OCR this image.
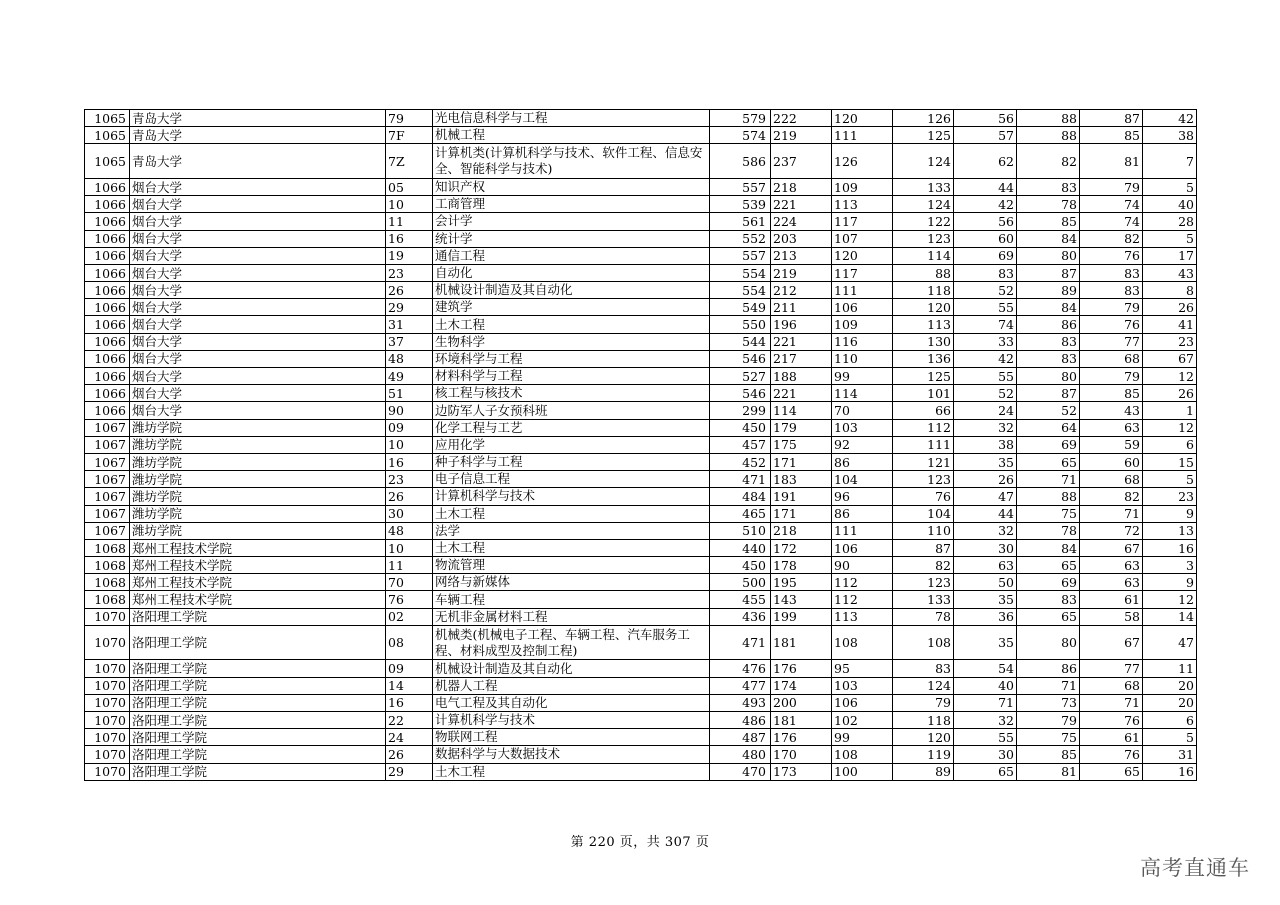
1065	青岛大学	79	光电信息科学与工程	579	222	120	126	56	88	87	42
1065	青岛大学	7F	机械工程	574	219	111	125	57	88	85	38
1065	青岛大学	7Z	计算机类(计算机科学与技术、软件工程、信息安全、智能科学与技术)	586	237	126	124	62	82	81	7
1066	烟台大学	05	知识产权	557	218	109	133	44	83	79	5
1066	烟台大学	10	工商管理	539	221	113	124	42	78	74	40
1066	烟台大学	11	会计学	561	224	117	122	56	85	74	28
1066	烟台大学	16	统计学	552	203	107	123	60	84	82	5
1066	烟台大学	19	通信工程	557	213	120	114	69	80	76	17
1066	烟台大学	23	自动化	554	219	117	88	83	87	83	43
1066	烟台大学	26	机械设计制造及其自动化	554	212	111	118	52	89	83	8
1066	烟台大学	29	建筑学	549	211	106	120	55	84	79	26
1066	烟台大学	31	土木工程	550	196	109	113	74	86	76	41
1066	烟台大学	37	生物科学	544	221	116	130	33	83	77	23
1066	烟台大学	48	环境科学与工程	546	217	110	136	42	83	68	67
1066	烟台大学	49	材料科学与工程	527	188	99	125	55	80	79	12
1066	烟台大学	51	核工程与核技术	546	221	114	101	52	87	85	26
1066	烟台大学	90	边防军人子女预科班	299	114	70	66	24	52	43	1
1067	潍坊学院	09	化学工程与工艺	450	179	103	112	32	64	63	12
1067	潍坊学院	10	应用化学	457	175	92	111	38	69	59	6
1067	潍坊学院	16	种子科学与工程	452	171	86	121	35	65	60	15
1067	潍坊学院	23	电子信息工程	471	183	104	123	26	71	68	5
1067	潍坊学院	26	计算机科学与技术	484	191	96	76	47	88	82	23
1067	潍坊学院	30	土木工程	465	171	86	104	44	75	71	9
1067	潍坊学院	48	法学	510	218	111	110	32	78	72	13
1068	郑州工程技术学院	10	土木工程	440	172	106	87	30	84	67	16
1068	郑州工程技术学院	11	物流管理	450	178	90	82	63	65	63	3
1068	郑州工程技术学院	70	网络与新媒体	500	195	112	123	50	69	63	9
1068	郑州工程技术学院	76	车辆工程	455	143	112	133	35	83	61	12
1070	洛阳理工学院	02	无机非金属材料工程	436	199	113	78	36	65	58	14
1070	洛阳理工学院	08	机械类(机械电子工程、车辆工程、汽车服务工程、材料成型及控制工程)	471	181	108	108	35	80	67	47
1070	洛阳理工学院	09	机械设计制造及其自动化	476	176	95	83	54	86	77	11
1070	洛阳理工学院	14	机器人工程	477	174	103	124	40	71	68	20
1070	洛阳理工学院	16	电气工程及其自动化	493	200	106	79	71	73	71	20
1070	洛阳理工学院	22	计算机科学与技术	486	181	102	118	32	79	76	6
1070	洛阳理工学院	24	物联网工程	487	176	99	120	55	75	61	5
1070	洛阳理工学院	26	数据科学与大数据技术	480	170	108	119	30	85	76	31
1070	洛阳理工学院	29	土木工程	470	173	100	89	65	81	65	16
第 220 页，共 307 页
高考直通车
